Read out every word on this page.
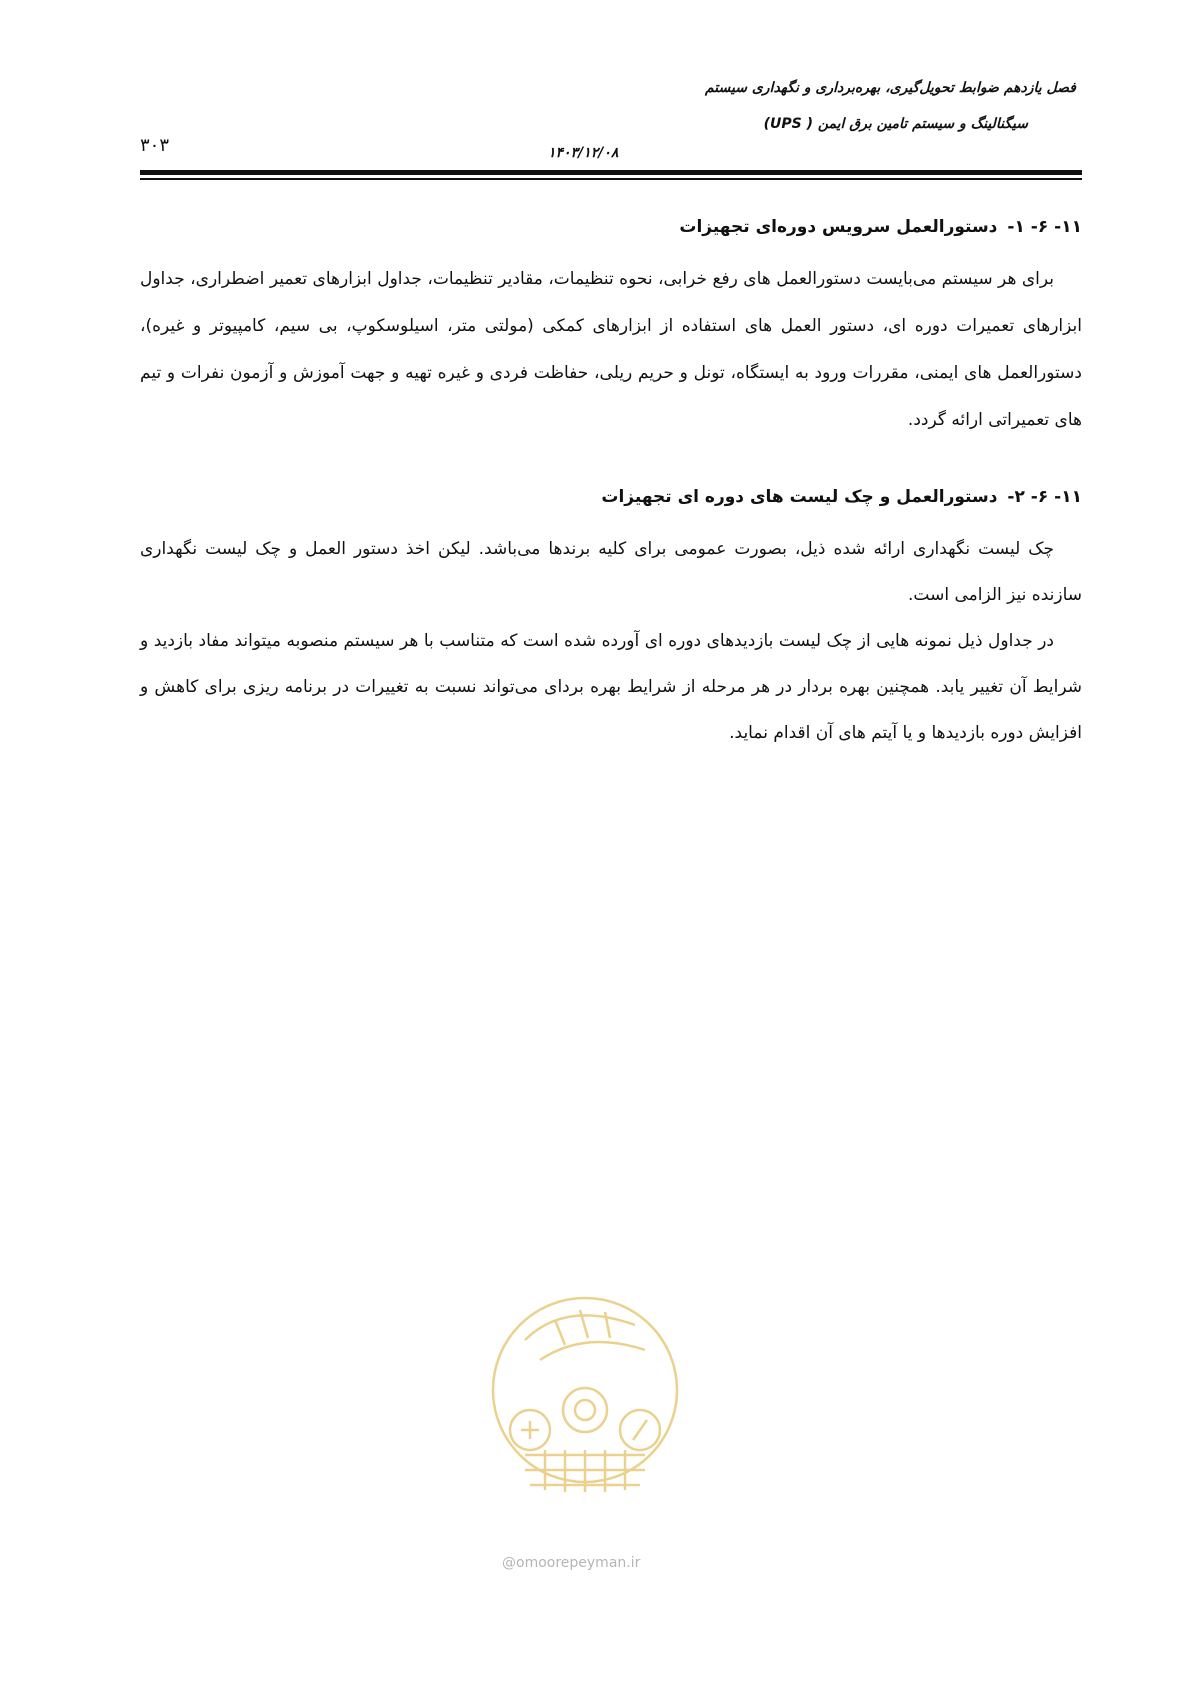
فصل یازدهم ضوابط تحویل‌گیری، بهره‌برداری و نگهداری سیستم
سیگنالینگ و سیستم تامین برق ایمن ( UPS)
۱۴۰۳/۱۲/۰۸
۳۰۳
۱۱- ۶- ۱-دستورالعمل سرویس دوره‌ای تجهیزات

برای هر سیستم می‌بایست دستورالعمل های رفع خرابی، نحوه تنظیمات، مقادیر تنظیمات، جداول ابزارهای تعمیر اضطراری، جداول ابزارهای تعمیرات دوره ای، دستور العمل های استفاده از ابزارهای کمکی (مولتی متر، اسیلوسکوپ، بی سیم، کامپیوتر و غیره)، دستورالعمل های ایمنی، مقررات ورود به ایستگاه، تونل و حریم ریلی، حفاظت فردی و غیره تهیه و جهت آموزش و آزمون نفرات و تیم های تعمیراتی ارائه گردد.

۱۱- ۶- ۲-دستورالعمل و چک لیست های دوره ای تجهیزات

چک لیست نگهداری ارائه شده ذیل، بصورت عمومی برای کلیه برندها می‌باشد. لیکن اخذ دستور العمل و چک لیست نگهداری سازنده نیز الزامی است.

در جداول ذیل نمونه هایی از چک لیست بازدیدهای دوره ای آورده شده است که متناسب با هر سیستم منصوبه میتواند مفاد بازدید و شرایط آن تغییر یابد. همچنین بهره بردار در هر مرحله از شرایط بهره بردای می‌تواند نسبت به تغییرات در برنامه ریزی برای کاهش و افزایش دوره بازدیدها و یا آیتم های آن اقدام نماید.

@omoorepeyman.ir
